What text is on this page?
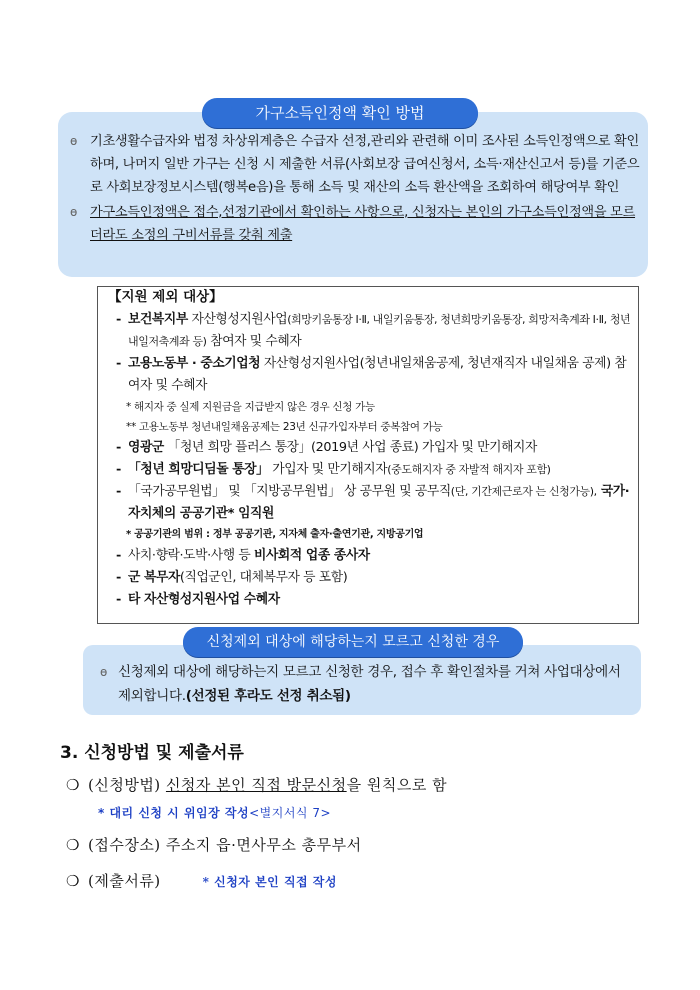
가구소득인정액 확인 방법
ө 기초생활수급자와 법정 차상위계층은 수급자 선정,관리와 관련해 이미 조사된 소득인정액으로 확인하며, 나머지 일반 가구는 신청 시 제출한 서류(사회보장 급여신청서, 소득·재산신고서 등)를 기준으로 사회보장정보시스템(행복e음)을 통해 소득 및 재산의 소득 환산액을 조회하여 해당여부 확인
ө 가구소득인정액은 접수,선정기관에서 확인하는 사항으로, 신청자는 본인의 가구소득인정액을 모르더라도 소정의 구비서류를 갖춰 제출
【지원 제외 대상】
- 보건복지부 자산형성지원사업(희망키움통장 Ⅰ·Ⅱ, 내일키움통장, 청년희망키움통장, 희망저축계좌 Ⅰ·Ⅱ, 청년내일저축계좌 등) 참여자 및 수혜자
- 고용노동부 · 중소기업청 자산형성지원사업(청년내일채움공제, 청년재직자 내일채움 공제) 참여자 및 수혜자
* 해지자 중 실제 지원금을 지급받지 않은 경우 신청 가능
** 고용노동부 청년내일채움공제는 23년 신규가입자부터 중복참여 가능
- 영광군 「청년 희망 플러스 통장」(2019년 사업 종료) 가입자 및 만기해지자
- 「청년 희망디딤돌 통장」 가입자 및 만기해지자(중도해지자 중 자발적 해지자 포함)
- 「국가공무원법」 및 「지방공무원법」 상 공무원 및 공무직(단, 기간제근로자 는 신청가능), 국가·자치체의 공공기관* 임직원
* 공공기관의 범위 : 정부 공공기관, 지자체 출자·출연기관, 지방공기업
- 사치·향락·도박·사행 등 비사회적 업종 종사자
- 군 복무자(직업군인, 대체복무자 등 포함)
- 타 자산형성지원사업 수혜자
신청제외 대상에 해당하는지 모르고 신청한 경우
ө 신청제외 대상에 해당하는지 모르고 신청한 경우, 접수 후 확인절차를 거쳐 사업대상에서 제외합니다.(선정된 후라도 선정 취소됨)
3. 신청방법 및 제출서류
❍ (신청방법) 신청자 본인 직접 방문신청을 원칙으로 함
* 대리 신청 시 위임장 작성<별지서식 7>
❍ (접수장소) 주소지 읍·면사무소 총무부서
❍ (제출서류)	* 신청자 본인 직접 작성
